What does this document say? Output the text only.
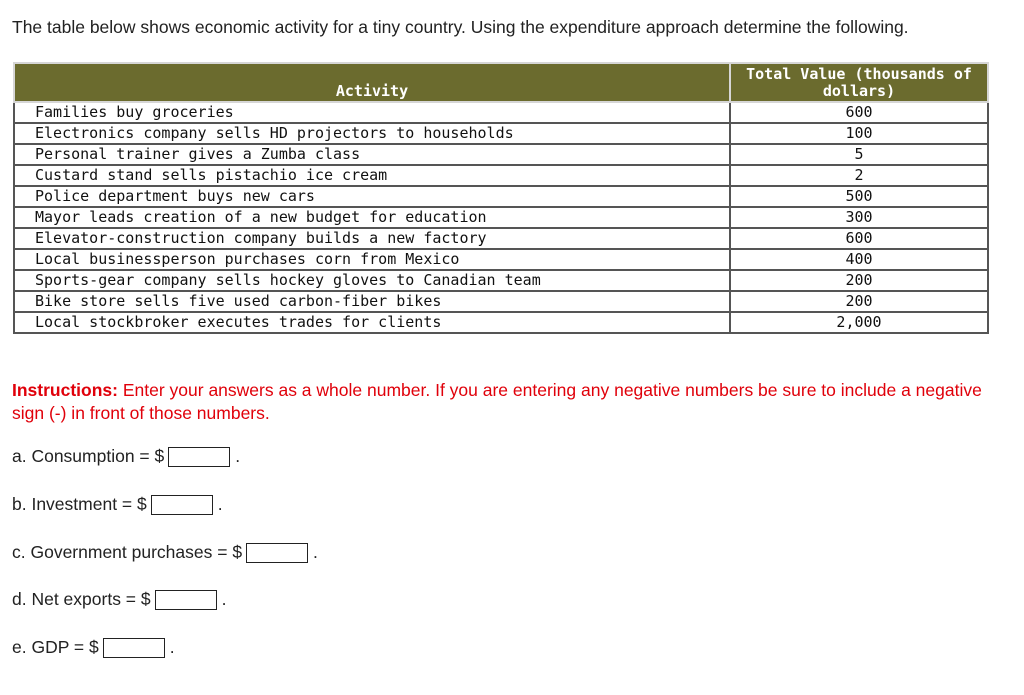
The table below shows economic activity for a tiny country. Using the expenditure approach determine the following.
Activity	Total Value (thousands of
dollars)

Families buy groceries	600
Electronics company sells HD projectors to households	100
Personal trainer gives a Zumba class	5
Custard stand sells pistachio ice cream	2
Police department buys new cars	500
Mayor leads creation of a new budget for education	300
Elevator-construction company builds a new factory	600
Local businessperson purchases corn from Mexico	400
Sports-gear company sells hockey gloves to Canadian team	200
Bike store sells five used carbon-fiber bikes	200
Local stockbroker executes trades for clients	2,000
Instructions: Enter your answers as a whole number. If you are entering any negative numbers be sure to include a negative sign (-) in front of those numbers.
a. Consumption = $	.
b. Investment = $	.
c. Government purchases = $	.
d. Net exports = $	.
e. GDP = $	.
